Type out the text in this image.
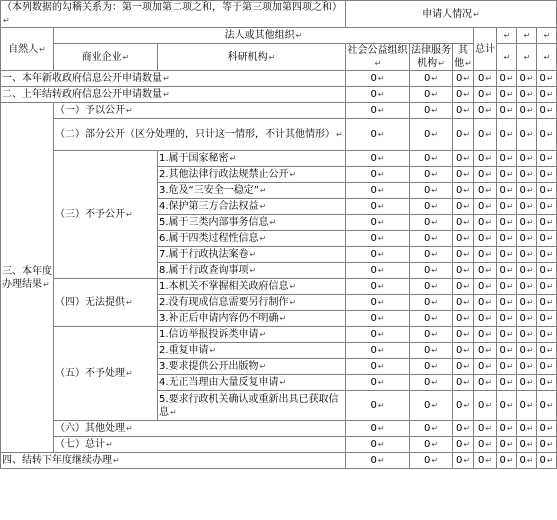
（本列数据的勾稽关系为：第一项加第二项之和，等于第三项加第四项之和） ↵			申请人情况 ↵
自然人 ↵	法人或其他组织 ↵					总计	↵	↵	↵
	商业企业 ↵	科研机构 ↵	社会公益组织 ↵	法律服务机构 ↵	其他 ↵	↵	↵	↵
一、本年新收政府信息公开申请数量 ↵			0 ↵	0 ↵	0 ↵	0 ↵	0 ↵	0 ↵	0 ↵
二、上年结转政府信息公开申请数量 ↵			0 ↵	0 ↵	0 ↵	0 ↵	0 ↵	0 ↵	0 ↵
三、本年度办理结果 ↵	（一）予以公开 ↵		0 ↵	0 ↵	0 ↵	0 ↵	0 ↵	0 ↵	0 ↵
	（二）部分公开（区分处理的，只计这一情形，不计其他情形） ↵		0 ↵	0 ↵	0 ↵	0 ↵	0 ↵	0 ↵	0 ↵
	（三）不予公开 ↵	1.属于国家秘密 ↵	0 ↵	0 ↵	0 ↵	0 ↵	0 ↵	0 ↵	0 ↵
		2.其他法律行政法规禁止公开 ↵	0 ↵	0 ↵	0 ↵	0 ↵	0 ↵	0 ↵	0 ↵
		3.危及“三安全一稳定” ↵	0 ↵	0 ↵	0 ↵	0 ↵	0 ↵	0 ↵	0 ↵
		4.保护第三方合法权益 ↵	0 ↵	0 ↵	0 ↵	0 ↵	0 ↵	0 ↵	0 ↵
		5.属于三类内部事务信息 ↵	0 ↵	0 ↵	0 ↵	0 ↵	0 ↵	0 ↵	0 ↵
		6.属于四类过程性信息 ↵	0 ↵	0 ↵	0 ↵	0 ↵	0 ↵	0 ↵	0 ↵
		7.属于行政执法案卷 ↵	0 ↵	0 ↵	0 ↵	0 ↵	0 ↵	0 ↵	0 ↵
		8.属于行政查询事项 ↵	0 ↵	0 ↵	0 ↵	0 ↵	0 ↵	0 ↵	0 ↵
	（四）无法提供 ↵	1.本机关不掌握相关政府信息 ↵	0 ↵	0 ↵	0 ↵	0 ↵	0 ↵	0 ↵	0 ↵
		2.没有现成信息需要另行制作 ↵	0 ↵	0 ↵	0 ↵	0 ↵	0 ↵	0 ↵	0 ↵
		3.补正后申请内容仍不明确 ↵	0 ↵	0 ↵	0 ↵	0 ↵	0 ↵	0 ↵	0 ↵
	（五）不予处理 ↵	1.信访举报投诉类申请 ↵	0 ↵	0 ↵	0 ↵	0 ↵	0 ↵	0 ↵	0 ↵
		2.重复申请 ↵	0 ↵	0 ↵	0 ↵	0 ↵	0 ↵	0 ↵	0 ↵
		3.要求提供公开出版物 ↵	0 ↵	0 ↵	0 ↵	0 ↵	0 ↵	0 ↵	0 ↵
		4.无正当理由大量反复申请 ↵	0 ↵	0 ↵	0 ↵	0 ↵	0 ↵	0 ↵	0 ↵
		5.要求行政机关确认或重新出具已获取信息 ↵	0 ↵	0 ↵	0 ↵	0 ↵	0 ↵	0 ↵	0 ↵
	（六）其他处理 ↵		0 ↵	0 ↵	0 ↵	0 ↵	0 ↵	0 ↵	0 ↵
	（七）总计 ↵		0 ↵	0 ↵	0 ↵	0 ↵	0 ↵	0 ↵	0 ↵
四、结转下年度继续办理 ↵			0 ↵	0 ↵	0 ↵	0 ↵	0 ↵	0 ↵	0 ↵
